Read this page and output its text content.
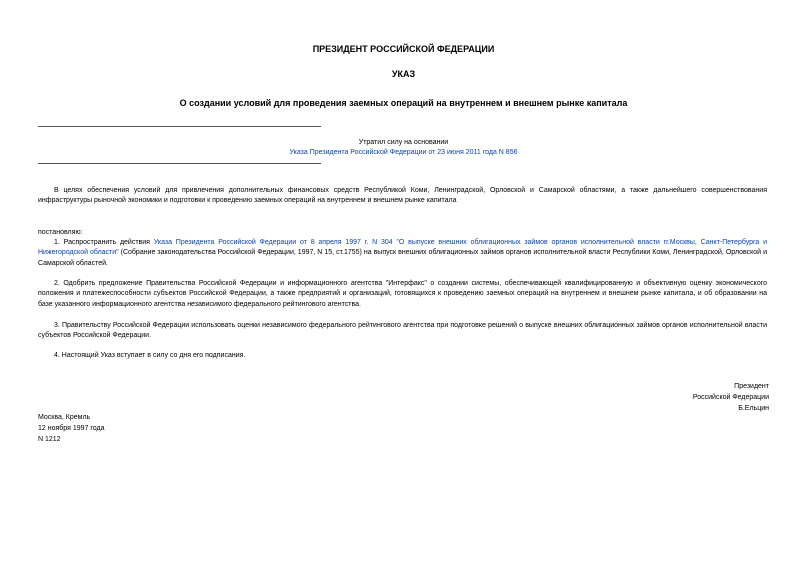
ПРЕЗИДЕНТ РОССИЙСКОЙ ФЕДЕРАЦИИ
УКАЗ
О создании условий для проведения заемных операций на внутреннем и внешнем рынке капитала
Утратил силу на основании
Указа Президента Российской Федерации от 23 июня 2011 года N 856
В целях обеспечения условий для привлечения дополнительных финансовых средств Республикой Коми, Ленинградской, Орловской и Самарской областями, а также дальнейшего совершенствования инфраструктуры рыночной экономики и подготовки к проведению заемных операций на внутреннем и внешнем рынке капитала
постановляю:
1. Распространить действия Указа Президента Российской Федерации от 8 апреля 1997 г. N 304 "О выпуске внешних облигационных займов органов исполнительной власти гг.Москвы, Санкт-Петербурга и Нижегородской области" (Собрание законодательства Российской Федерации, 1997, N 15, ст.1755) на выпуск внешних облигационных займов органов исполнительной власти Республики Коми, Ленинградской, Орловской и Самарской областей.
2. Одобрить предложение Правительства Российской Федерации и информационного агентства "Интерфакс" о создании системы, обеспечивающей квалифицированную и объективную оценку экономического положения и платежеспособности субъектов Российской Федерации, а также предприятий и организаций, готовящихся к проведению заемных операций на внутреннем и внешнем рынке капитала, и об образовании на базе указанного информационного агентства независимого федерального рейтингового агентства.
3. Правительству Российской Федерации использовать оценки независимого федерального рейтингового агентства при подготовке решений о выпуске внешних облигационных займов органов исполнительной власти субъектов Российской Федерации.
4. Настоящий Указ вступает в силу со дня его подписания.
Президент
Российской Федерации
Б.Ельцин
Москва, Кремль
12 ноября 1997 года
N 1212
